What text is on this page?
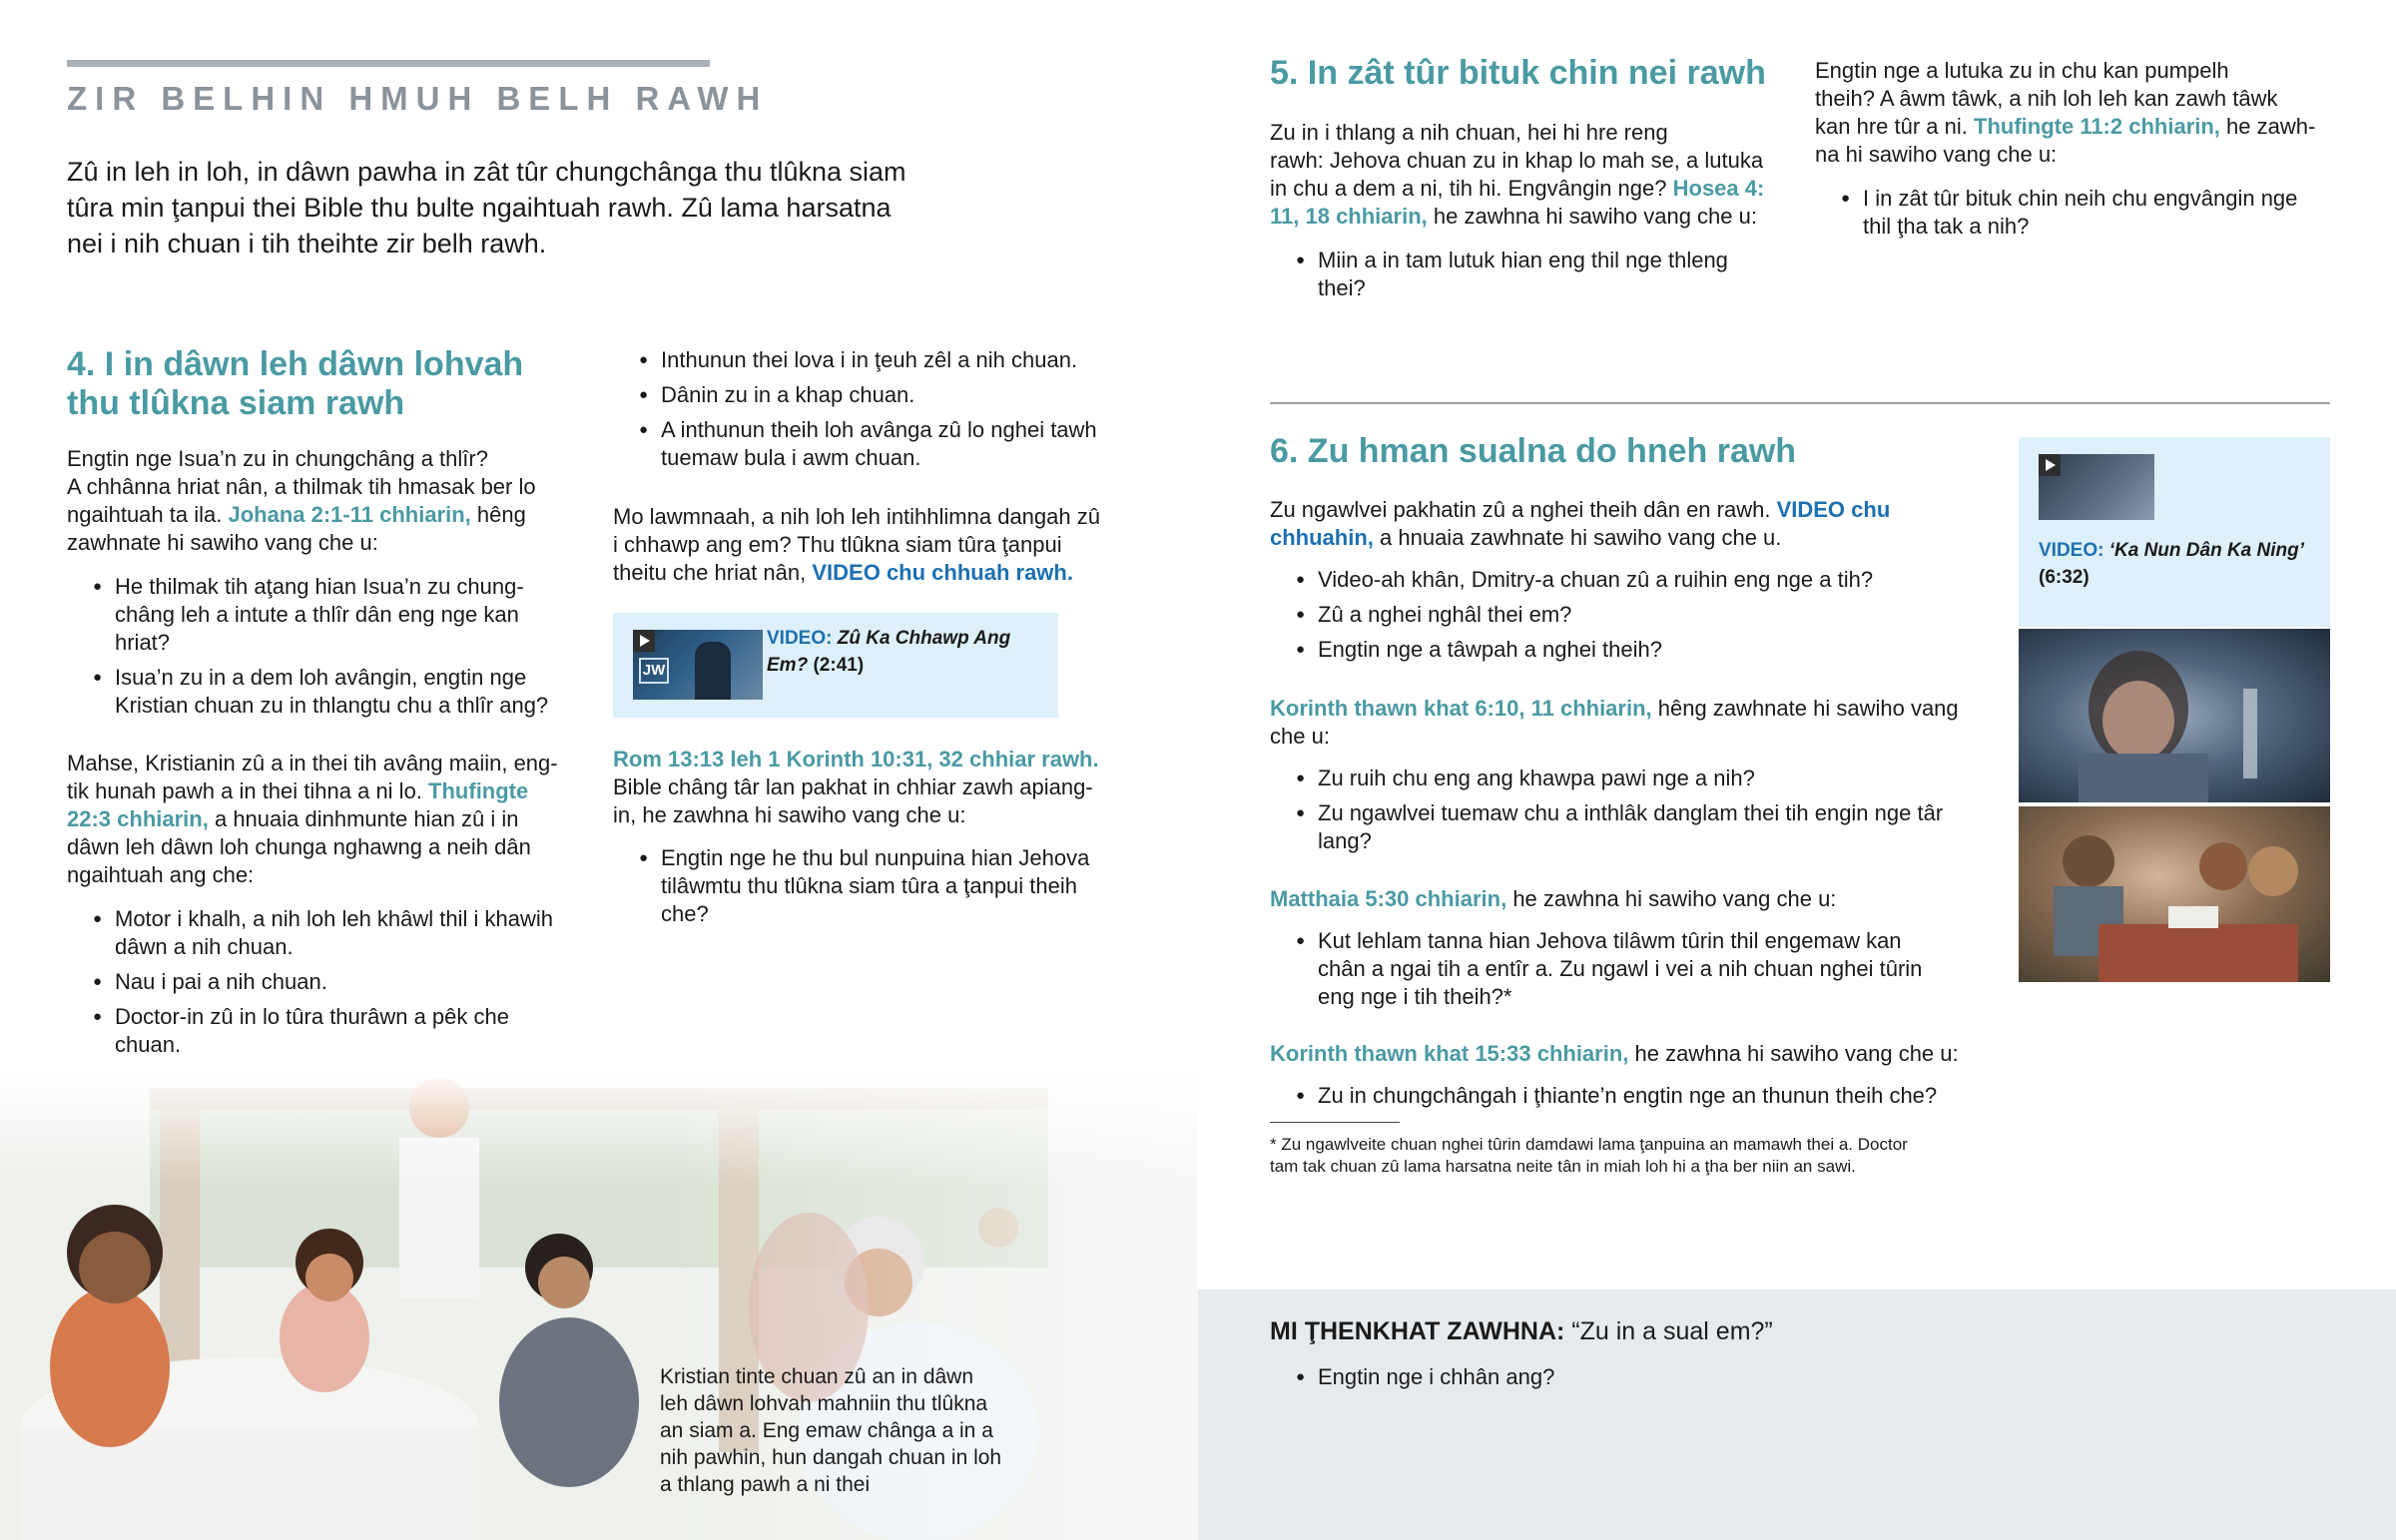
ZIR BELHIN HMUH BELH RAWH

Zû in leh in loh, in dâwn pawha in zât tûr chungchânga thu tlûkna siam tûra min ţanpui thei Bible thu bulte ngaihtuah rawh. Zû lama harsatna nei i nih chuan i tih theihte zir belh rawh.

4. I in dâwn leh dâwn lohvah
thu tlûkna siam rawh
Engtin nge Isua’n zu in chungchâng a thlîr?
A chhânna hriat nân, a thilmak tih hmasak ber lo
ngaihtuah ta ila. Johana 2:1-11 chhiarin, hêng
zawhnate hi sawiho vang che u:
● He thilmak tih aţang hian Isua’n zu chung-
châng leh a intute a thlîr dân eng nge kan
hriat?
● Isua’n zu in a dem loh avângin, engtin nge
Kristian chuan zu in thlangtu chu a thlîr ang?
Mahse, Kristianin zû a in thei tih avâng maiin, eng-
tik hunah pawh a in thei tihna a ni lo. Thufingte
22:3 chhiarin, a hnuaia dinhmunte hian zû i in
dâwn leh dâwn loh chunga nghawng a neih dân
ngaihtuah ang che:
● Motor i khalh, a nih loh leh khâwl thil i khawih
dâwn a nih chuan.
● Nau i pai a nih chuan.
● Doctor-in zû in lo tûra thurâwn a pêk che
chuan.
● Inthunun thei lova i in ţeuh zêl a nih chuan.
● Dânin zu in a khap chuan.
● A inthunun theih loh avânga zû lo nghei tawh
tuemaw bula i awm chuan.
Mo lawmnaah, a nih loh leh intihhlimna dangah zû
i chhawp ang em? Thu tlûkna siam tûra ţanpui
theitu che hriat nân, VIDEO chu chhuah rawh.
JW
VIDEO: Zû Ka Chhawp Ang
Em? (2:41)
Rom 13:13 leh 1 Korinth 10:31, 32 chhiar rawh.
Bible châng târ lan pakhat in chhiar zawh apiang-
in, he zawhna hi sawiho vang che u:
● Engtin nge he thu bul nunpuina hian Jehova
tilâwmtu thu tlûkna siam tûra a ţanpui theih
che?
Kristian tinte chuan zû an in dâwn
leh dâwn lohvah mahniin thu tlûkna
an siam a. Eng emaw chânga a in a
nih pawhin, hun dangah chuan in loh
a thlang pawh a ni thei
5. In zât tûr bituk chin nei rawh
Zu in i thlang a nih chuan, hei hi hre reng
rawh: Jehova chuan zu in khap lo mah se, a lutuka
in chu a dem a ni, tih hi. Engvângin nge? Hosea 4:
11, 18 chhiarin, he zawhna hi sawiho vang che u:
● Miin a in tam lutuk hian eng thil nge thleng
thei?
Engtin nge a lutuka zu in chu kan pumpelh
theih? A âwm tâwk, a nih loh leh kan zawh tâwk
kan hre tûr a ni. Thufingte 11:2 chhiarin, he zawh-
na hi sawiho vang che u:
● I in zât tûr bituk chin neih chu engvângin nge
thil ţha tak a nih?
6. Zu hman sualna do hneh rawh
Zu ngawlvei pakhatin zû a nghei theih dân en rawh. VIDEO chu
chhuahin, a hnuaia zawhnate hi sawiho vang che u.
● Video-ah khân, Dmitry-a chuan zû a ruihin eng nge a tih?
● Zû a nghei nghâl thei em?
● Engtin nge a tâwpah a nghei theih?
Korinth thawn khat 6:10, 11 chhiarin, hêng zawhnate hi sawiho vang
che u:
● Zu ruih chu eng ang khawpa pawi nge a nih?
● Zu ngawlvei tuemaw chu a inthlâk danglam thei tih engin nge târ
lang?
Matthaia 5:30 chhiarin, he zawhna hi sawiho vang che u:
● Kut lehlam tanna hian Jehova tilâwm tûrin thil engemaw kan
chân a ngai tih a entîr a. Zu ngawl i vei a nih chuan nghei tûrin
eng nge i tih theih?*
Korinth thawn khat 15:33 chhiarin, he zawhna hi sawiho vang che u:
● Zu in chungchângah i ţhiante’n engtin nge an thunun theih che?
* Zu ngawlveite chuan nghei tûrin damdawi lama ţanpuina an mamawh thei a. Doctor
tam tak chuan zû lama harsatna neite tân in miah loh hi a ţha ber niin an sawi.
VIDEO: ‘Ka Nun Dân Ka Ning’
(6:32)
MI ŢHENKHAT ZAWHNA: “Zu in a sual em?”
● Engtin nge i chhân ang?
